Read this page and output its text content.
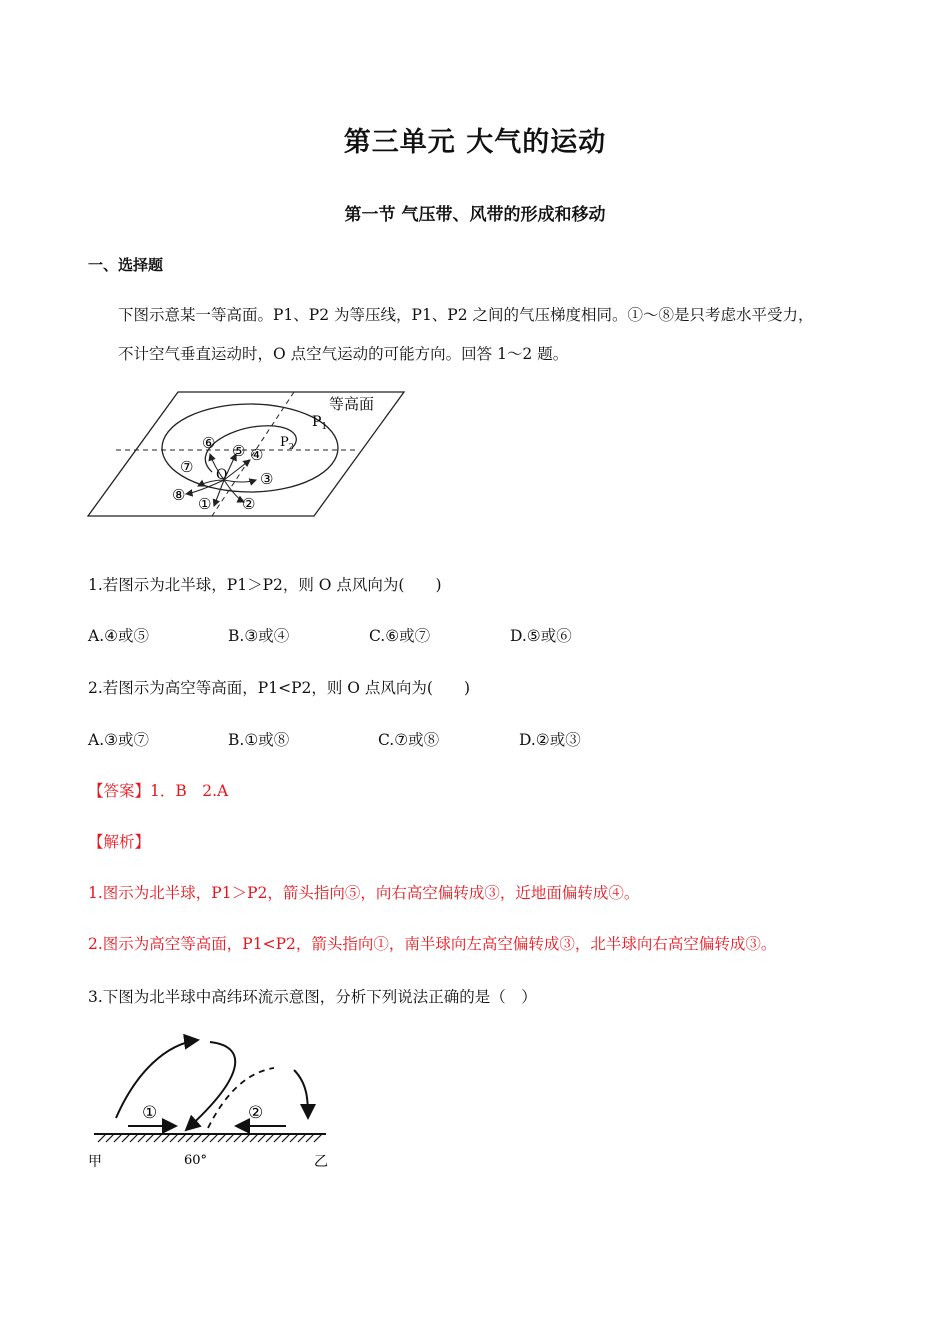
第三单元 大气的运动
第一节 气压带、风带的形成和移动
一、选择题
下图示意某一等高面。P1、P2 为等压线，P1、P2 之间的气压梯度相同。①～⑧是只考虑水平受力，
不计空气垂直运动时，O 点空气运动的可能方向。回答 1～2 题。
等高面
$P_1$
$P_2$
O
① ②
③
④
⑤
⑥
⑦
⑧
1.若图示为北半球，P1＞P2，则 O 点风向为(　　)
A.④或⑤	B.③或④	C.⑥或⑦	D.⑤或⑥
2.若图示为高空等高面，P1<P2，则 O 点风向为(　　)
A.③或⑦	B.①或⑧	C.⑦或⑧	D.②或③
【答案】1．B　2.A
【解析】
1.图示为北半球，P1＞P2，箭头指向⑤，向右高空偏转成③，近地面偏转成④。
2.图示为高空等高面，P1<P2，箭头指向①，南半球向左高空偏转成③，北半球向右高空偏转成③。
3.下图为北半球中高纬环流示意图，分析下列说法正确的是（　）
①	②
甲	乙
60°
